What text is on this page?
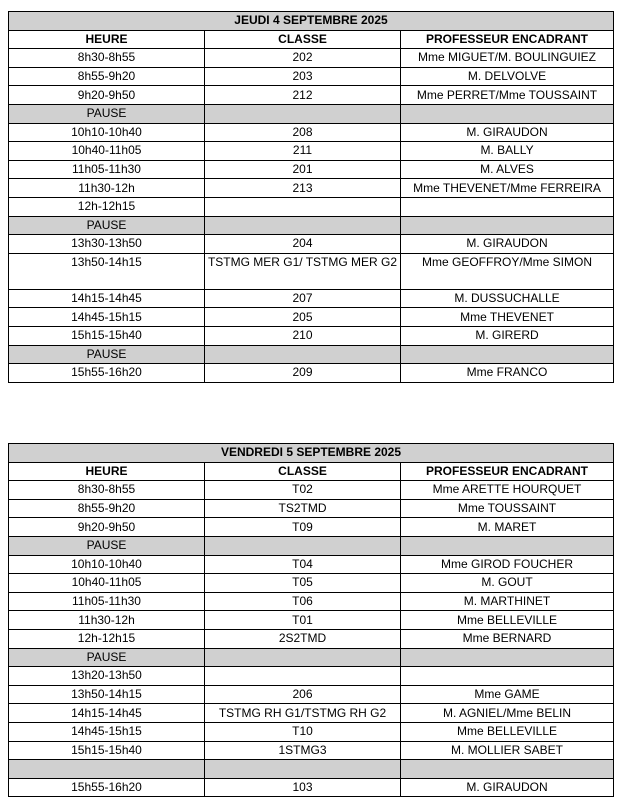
JEUDI 4 SEPTEMBRE 2025		
HEURE	CLASSE	PROFESSEUR ENCADRANT
8h30-8h55	202	Mme MIGUET/M. BOULINGUIEZ
8h55-9h20	203	M. DELVOLVE
9h20-9h50	212	Mme PERRET/Mme TOUSSAINT
PAUSE		
10h10-10h40	208	M. GIRAUDON
10h40-11h05	211	M. BALLY
11h05-11h30	201	M. ALVES
11h30-12h	213	Mme THEVENET/Mme FERREIRA
12h-12h15		
PAUSE		
13h30-13h50	204	M. GIRAUDON
13h50-14h15	TSTMG MER G1/ TSTMG MER G2	Mme GEOFFROY/Mme SIMON
14h15-14h45	207	M. DUSSUCHALLE
14h45-15h15	205	Mme THEVENET
15h15-15h40	210	M. GIRERD
PAUSE		
15h55-16h20	209	Mme FRANCO
VENDREDI 5 SEPTEMBRE 2025		
HEURE	CLASSE	PROFESSEUR ENCADRANT
8h30-8h55	T02	Mme ARETTE HOURQUET
8h55-9h20	TS2TMD	Mme TOUSSAINT
9h20-9h50	T09	M. MARET
PAUSE		
10h10-10h40	T04	Mme GIROD FOUCHER
10h40-11h05	T05	M. GOUT
11h05-11h30	T06	M. MARTHINET
11h30-12h	T01	Mme BELLEVILLE
12h-12h15	2S2TMD	Mme BERNARD
PAUSE		
13h20-13h50		
13h50-14h15	206	Mme GAME
14h15-14h45	TSTMG RH G1/TSTMG RH G2	M. AGNIEL/Mme BELIN
14h45-15h15	T10	Mme BELLEVILLE
15h15-15h40	1STMG3	M. MOLLIER SABET

15h55-16h20	103	M. GIRAUDON
